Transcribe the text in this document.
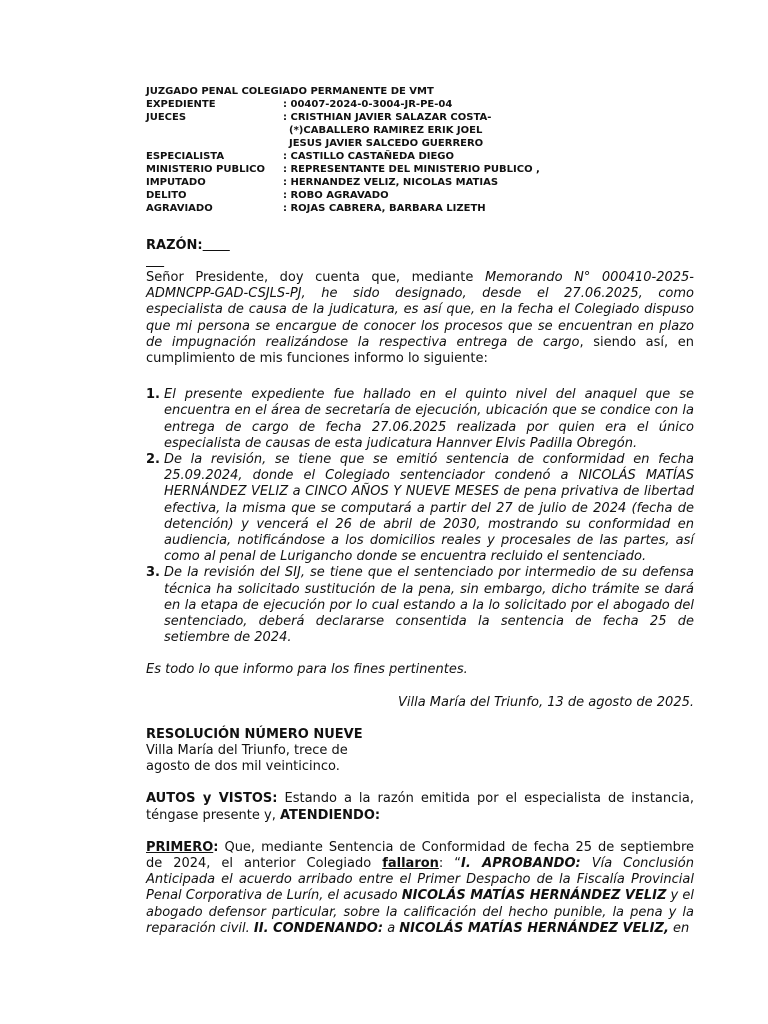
JUZGADO PENAL COLEGIADO PERMANENTE DE VMT
EXPEDIENTE	: 00407-2024-0-3004-JR-PE-04
JUECES	: CRISTHIAN JAVIER SALAZAR COSTA-
(*)CABALLERO RAMIREZ ERIK JOEL
JESUS JAVIER SALCEDO GUERRERO
ESPECIALISTA	: CASTILLO CASTAÑEDA DIEGO
MINISTERIO PUBLICO	: REPRESENTANTE DEL MINISTERIO PUBLICO ,
IMPUTADO	: HERNANDEZ VELIZ, NICOLAS MATIAS
DELITO	: ROBO AGRAVADO
AGRAVIADO	: ROJAS CABRERA, BARBARA LIZETH
RAZÓN:

Señor Presidente, doy cuenta que, mediante Memorando N° 000410-2025-ADMNCPP-GAD-CSJLS-PJ, he sido designado, desde el 27.06.2025, como especialista de causa de la judicatura, es así que, en la fecha el Colegiado dispuso que mi persona se encargue de conocer los procesos que se encuentran en plazo de impugnación realizándose la respectiva entrega de cargo, siendo así, en cumplimiento de mis funciones informo lo siguiente:

1. El presente expediente fue hallado en el quinto nivel del anaquel que se encuentra en el área de secretaría de ejecución, ubicación que se condice con la entrega de cargo de fecha 27.06.2025 realizada por quien era el único especialista de causas de esta judicatura Hannver Elvis Padilla Obregón.
2. De la revisión, se tiene que se emitió sentencia de conformidad en fecha 25.09.2024, donde el Colegiado sentenciador condenó a NICOLÁS MATÍAS HERNÁNDEZ VELIZ a CINCO AÑOS Y NUEVE MESES de pena privativa de libertad efectiva, la misma que se computará a partir del 27 de julio de 2024 (fecha de detención) y vencerá el 26 de abril de 2030, mostrando su conformidad en audiencia, notificándose a los domicilios reales y procesales de las partes, así como al penal de Lurigancho donde se encuentra recluido el sentenciado.
3. De la revisión del SIJ, se tiene que el sentenciado por intermedio de su defensa técnica ha solicitado sustitución de la pena, sin embargo, dicho trámite se dará en la etapa de ejecución por lo cual estando a la lo solicitado por el abogado del sentenciado, deberá declararse consentida la sentencia de fecha 25 de setiembre de 2024.

Es todo lo que informo para los fines pertinentes.

Villa María del Triunfo, 13 de agosto de 2025.

RESOLUCIÓN NÚMERO NUEVE

Villa María del Triunfo, trece de
agosto de dos mil veinticinco.

AUTOS y VISTOS: Estando a la razón emitida por el especialista de instancia, téngase presente y, ATENDIENDO:

PRIMERO: Que, mediante Sentencia de Conformidad de fecha 25 de septiembre de 2024, el anterior Colegiado fallaron: “I. APROBANDO: Vía Conclusión Anticipada el acuerdo arribado entre el Primer Despacho de la Fiscalía Provincial Penal Corporativa de Lurín, el acusado NICOLÁS MATÍAS HERNÁNDEZ VELIZ y el abogado defensor particular, sobre la calificación del hecho punible, la pena y la reparación civil. II. CONDENANDO: a NICOLÁS MATÍAS HERNÁNDEZ VELIZ, en
